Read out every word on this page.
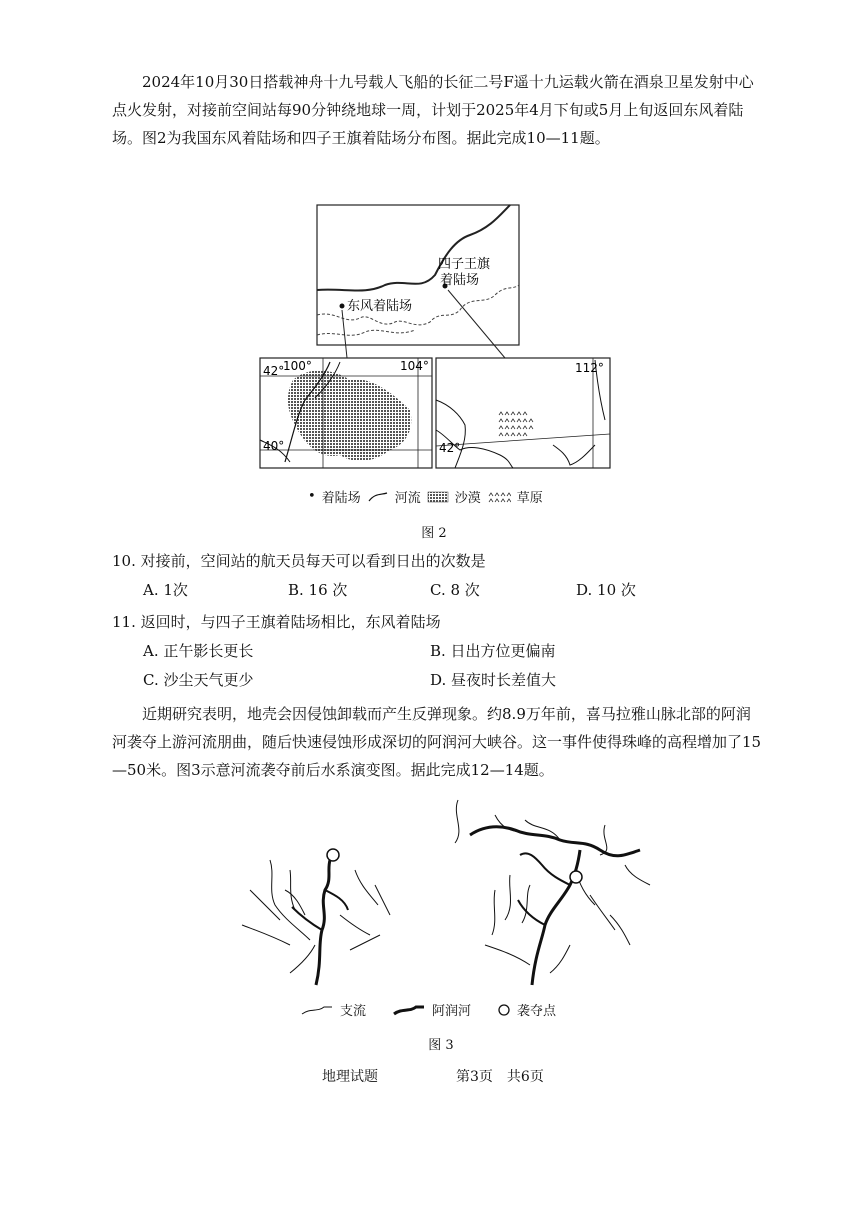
2024年10月30日搭载神舟十九号载人飞船的长征二号F遥十九运载火箭在酒泉卫星发射中心点火发射，对接前空间站每90分钟绕地球一周，计划于2025年4月下旬或5月上旬返回东风着陆场。图2为我国东风着陆场和四子王旗着陆场分布图。据此完成10—11题。
东风着陆场
四子王旗
着陆场
42°
40°
100°	104°	112°
42°
• 着陆场	河流	沙漠	草原
图 2
10. 对接前，空间站的航天员每天可以看到日出的次数是
A. 1次	B. 16 次	C. 8 次	D. 10 次
11. 返回时，与四子王旗着陆场相比，东风着陆场
A. 正午影长更长	B. 日出方位更偏南
C. 沙尘天气更少	D. 昼夜时长差值大
近期研究表明，地壳会因侵蚀卸载而产生反弹现象。约8.9万年前，喜马拉雅山脉北部的阿润河袭夺上游河流朋曲，随后快速侵蚀形成深切的阿润河大峡谷。这一事件使得珠峰的高程增加了15—50米。图3示意河流袭夺前后水系演变图。据此完成12—14题。
支流	阿润河	袭夺点
图 3
地理试题	第3页　共6页
